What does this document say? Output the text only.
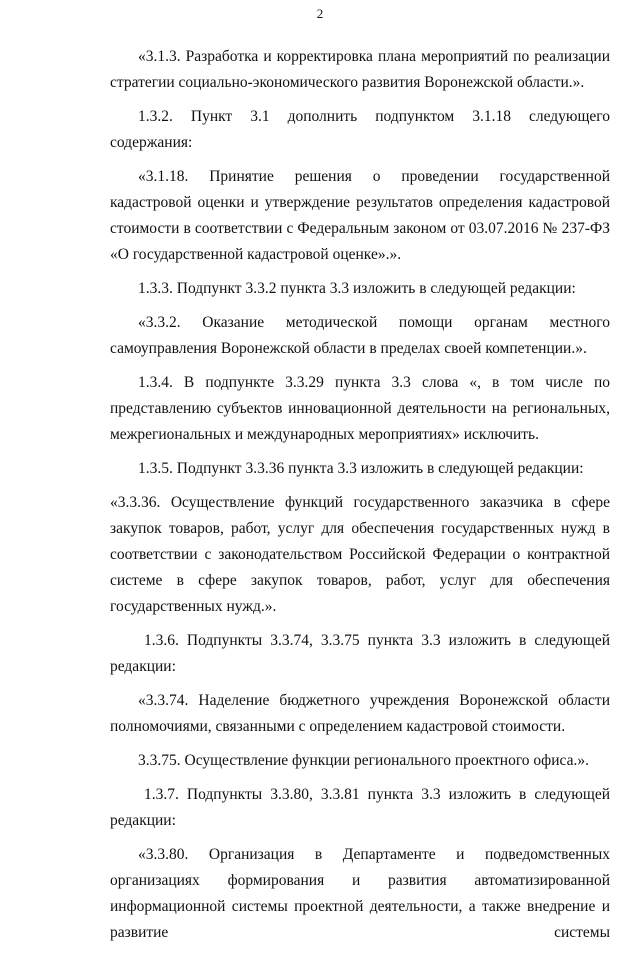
2

«3.1.3. Разработка и корректировка плана мероприятий по реализации стратегии социально-экономического развития Воронежской области.».

1.3.2. Пункт 3.1 дополнить подпунктом 3.1.18 следующего содержания:

«3.1.18. Принятие решения о проведении государственной кадастровой оценки и утверждение результатов определения кадастровой стоимости в соответствии с Федеральным законом от 03.07.2016 № 237-ФЗ «О государственной кадастровой оценке».».

1.3.3. Подпункт 3.3.2 пункта 3.3 изложить в следующей редакции:

«3.3.2. Оказание методической помощи органам местного самоуправления Воронежской области в пределах своей компетенции.».

1.3.4. В подпункте 3.3.29 пункта 3.3 слова «, в том числе по представлению субъектов инновационной деятельности на региональных, межрегиональных и международных мероприятиях» исключить.

1.3.5. Подпункт 3.3.36 пункта 3.3 изложить в следующей редакции:

«3.3.36. Осуществление функций государственного заказчика в сфере закупок товаров, работ, услуг для обеспечения государственных нужд в соответствии с законодательством Российской Федерации о контрактной системе в сфере закупок товаров, работ, услуг для обеспечения государственных нужд.».

1.3.6. Подпункты 3.3.74, 3.3.75 пункта 3.3 изложить в следующей редакции:

«3.3.74. Наделение бюджетного учреждения Воронежской области полномочиями, связанными с определением кадастровой стоимости.

3.3.75. Осуществление функции регионального проектного офиса.».

1.3.7. Подпункты 3.3.80, 3.3.81 пункта 3.3 изложить в следующей редакции:

«3.3.80. Организация в Департаменте и подведомственных организациях формирования и развития автоматизированной информационной системы проектной деятельности, а также внедрение и развитие системы
